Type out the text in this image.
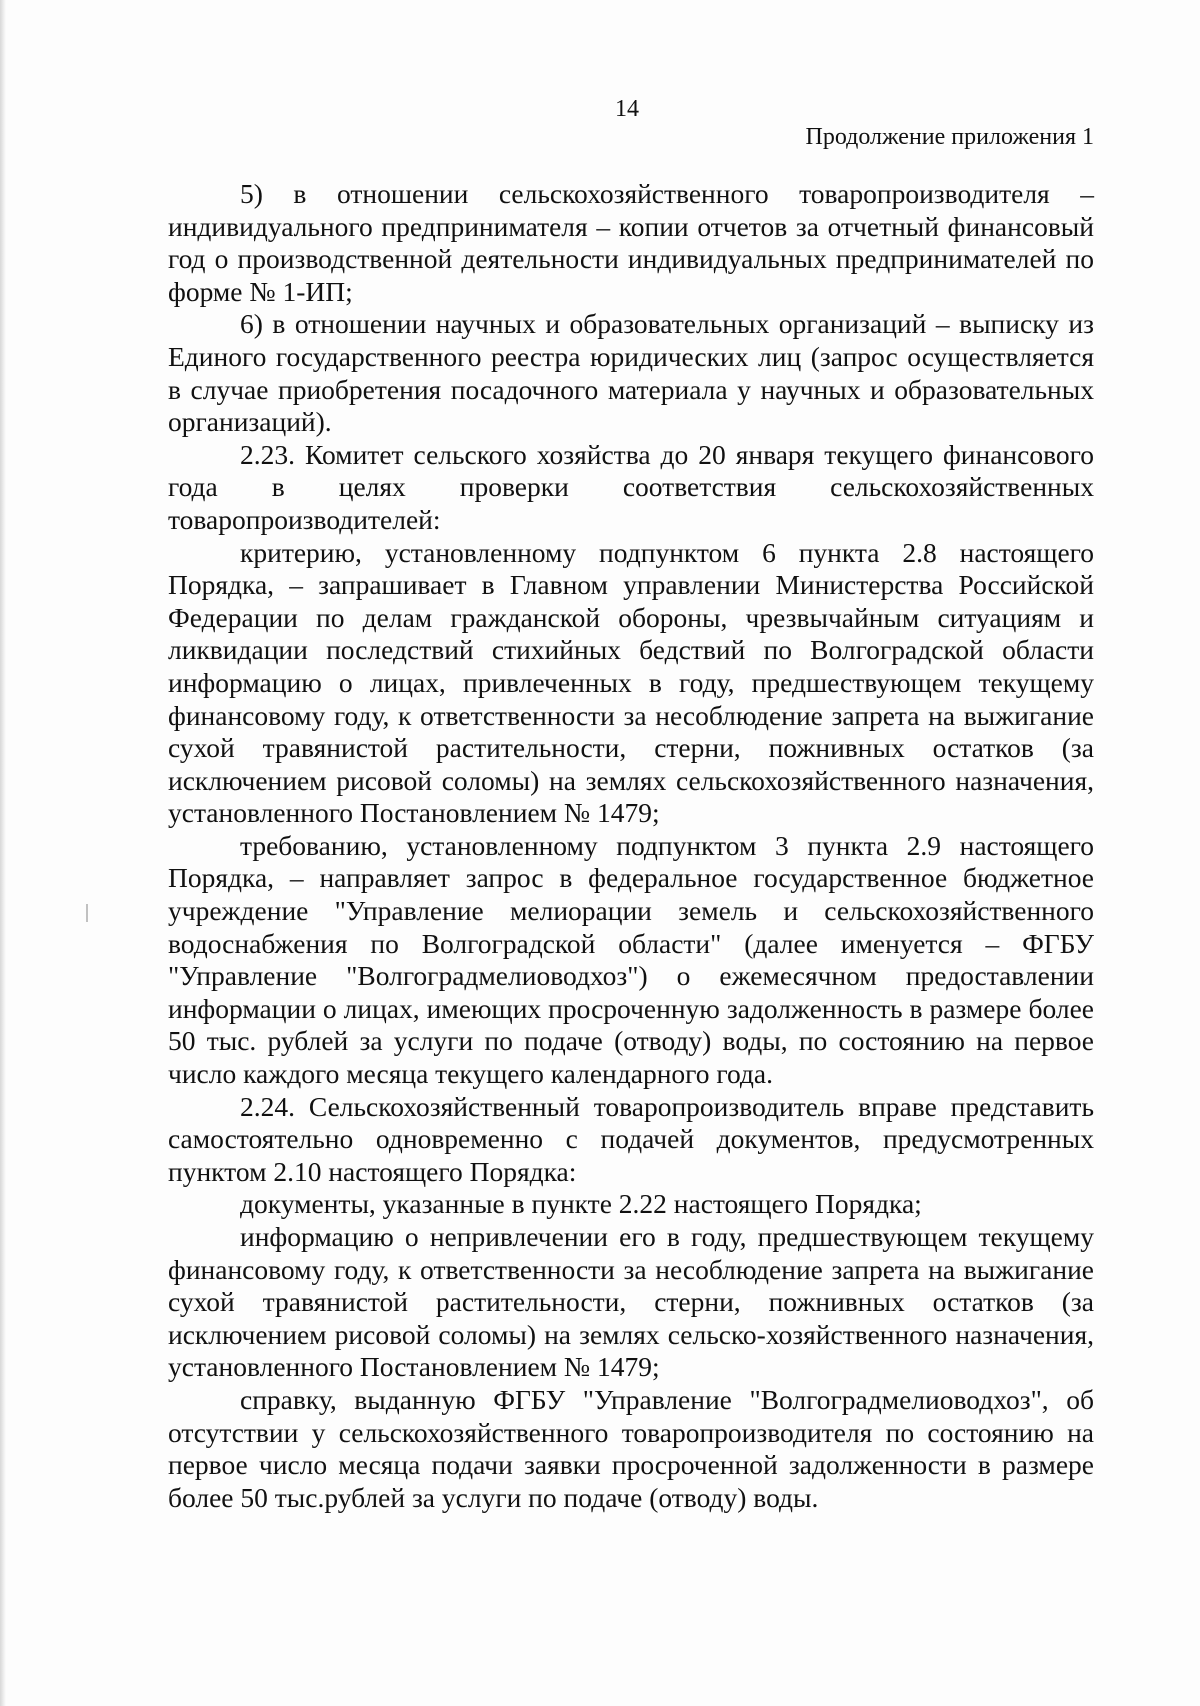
14
Продолжение приложения 1

5) в отношении сельскохозяйственного товаропроизводителя – индивидуального предпринимателя – копии отчетов за отчетный финансовый год о производственной деятельности индивидуальных предпринимателей по форме № 1-ИП;

6) в отношении научных и образовательных организаций – выписку из Единого государственного реестра юридических лиц (запрос осуществляется в случае приобретения посадочного материала у научных и образовательных организаций).

2.23. Комитет сельского хозяйства до 20 января текущего финансового года в целях проверки соответствия сельскохозяйственных товаропроизводителей:

критерию, установленному подпунктом 6 пункта 2.8 настоящего Порядка, – запрашивает в Главном управлении Министерства Российской Федерации по делам гражданской обороны, чрезвычайным ситуациям и ликвидации последствий стихийных бедствий по Волгоградской области информацию о лицах, привлеченных в году, предшествующем текущему финансовому году, к ответственности за несоблюдение запрета на выжигание сухой травянистой растительности, стерни, пожнивных остатков (за исключением рисовой соломы) на землях сельскохозяйственного назначения, установленного Постановлением № 1479;

требованию, установленному подпунктом 3 пункта 2.9 настоящего Порядка, – направляет запрос в федеральное государственное бюджетное учреждение "Управление мелиорации земель и сельскохозяйственного водоснабжения по Волгоградской области" (далее именуется – ФГБУ "Управление "Волгоградмелиоводхоз") о ежемесячном предоставлении информации о лицах, имеющих просроченную задолженность в размере более 50 тыс. рублей за услуги по подаче (отводу) воды, по состоянию на первое число каждого месяца текущего календарного года.

2.24. Сельскохозяйственный товаропроизводитель вправе представить самостоятельно одновременно с подачей документов, предусмотренных пунктом 2.10 настоящего Порядка:

документы, указанные в пункте 2.22 настоящего Порядка;

информацию о непривлечении его в году, предшествующем текущему финансовому году, к ответственности за несоблюдение запрета на выжигание сухой травянистой растительности, стерни, пожнивных остатков (за исключением рисовой соломы) на землях сельско-хозяйственного назначения, установленного Постановлением № 1479;

справку, выданную ФГБУ "Управление "Волгоградмелиоводхоз", об отсутствии у сельскохозяйственного товаропроизводителя по состоянию на первое число месяца подачи заявки просроченной задолженности в размере более 50 тыс.рублей за услуги по подаче (отводу) воды.
